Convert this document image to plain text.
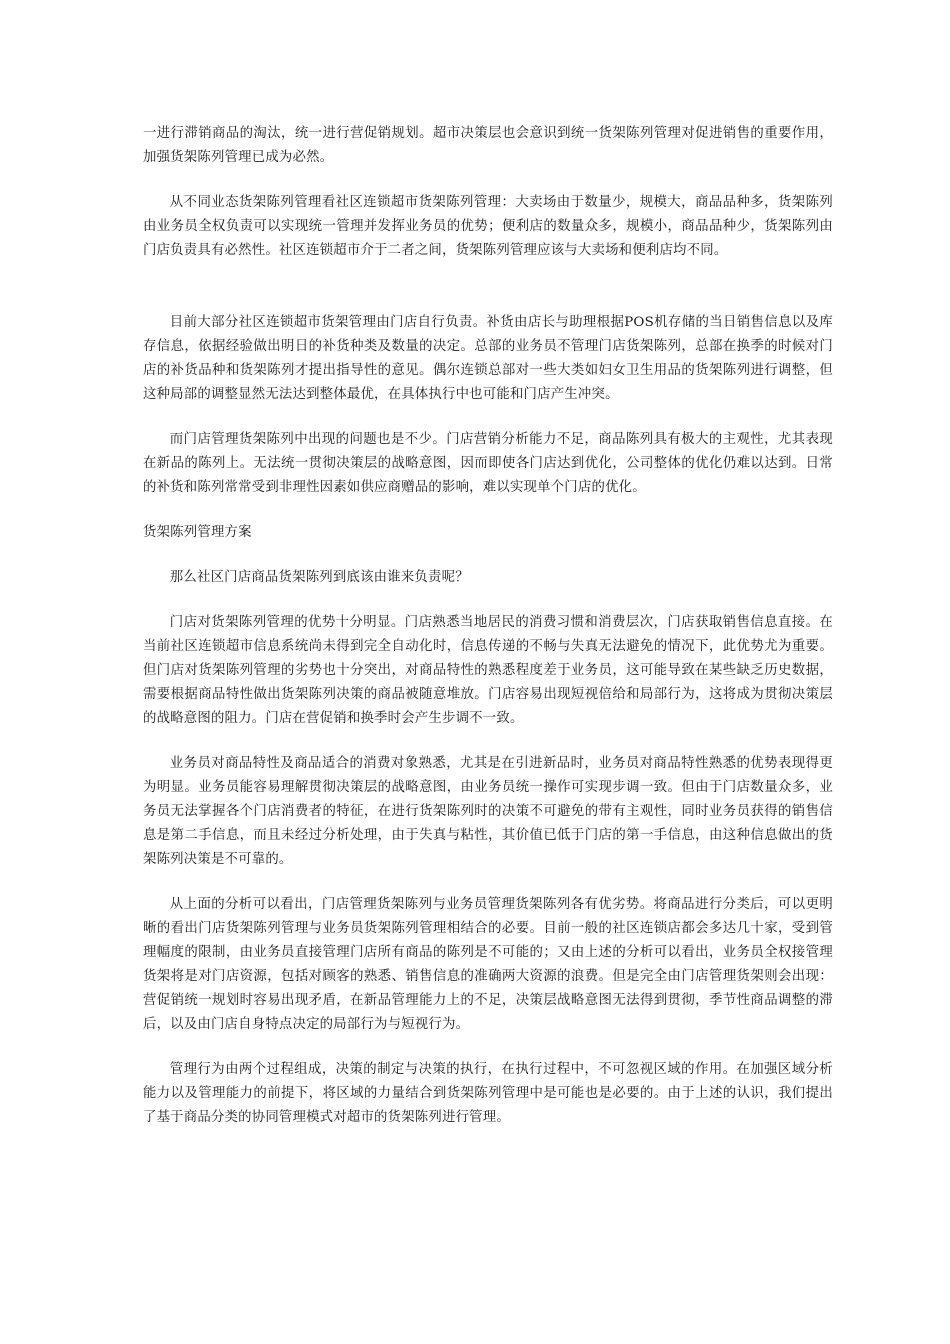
一进行滞销商品的淘汰，统一进行营促销规划。超市决策层也会意识到统一货架陈列管理对促进销售的重要作用，加强货架陈列管理已成为必然。

从不同业态货架陈列管理看社区连锁超市货架陈列管理：大卖场由于数量少，规模大，商品品种多，货架陈列由业务员全权负责可以实现统一管理并发挥业务员的优势；便利店的数量众多，规模小，商品品种少，货架陈列由门店负责具有必然性。社区连锁超市介于二者之间，货架陈列管理应该与大卖场和便利店均不同。

目前大部分社区连锁超市货架管理由门店自行负责。补货由店长与助理根据POS机存储的当日销售信息以及库存信息，依据经验做出明日的补货种类及数量的决定。总部的业务员不管理门店货架陈列，总部在换季的时候对门店的补货品种和货架陈列才提出指导性的意见。偶尔连锁总部对一些大类如妇女卫生用品的货架陈列进行调整，但这种局部的调整显然无法达到整体最优，在具体执行中也可能和门店产生冲突。

而门店管理货架陈列中出现的问题也是不少。门店营销分析能力不足，商品陈列具有极大的主观性，尤其表现在新品的陈列上。无法统一贯彻决策层的战略意图，因而即使各门店达到优化，公司整体的优化仍难以达到。日常的补货和陈列常常受到非理性因素如供应商赠品的影响，难以实现单个门店的优化。

货架陈列管理方案

那么社区门店商品货架陈列到底该由谁来负责呢？

门店对货架陈列管理的优势十分明显。门店熟悉当地居民的消费习惯和消费层次，门店获取销售信息直接。在当前社区连锁超市信息系统尚未得到完全自动化时，信息传递的不畅与失真无法避免的情况下，此优势尤为重要。但门店对货架陈列管理的劣势也十分突出，对商品特性的熟悉程度差于业务员，这可能导致在某些缺乏历史数据，需要根据商品特性做出货架陈列决策的商品被随意堆放。门店容易出现短视倍给和局部行为，这将成为贯彻决策层的战略意图的阻力。门店在营促销和换季时会产生步调不一致。

业务员对商品特性及商品适合的消费对象熟悉，尤其是在引进新品时，业务员对商品特性熟悉的优势表现得更为明显。业务员能容易理解贯彻决策层的战略意图，由业务员统一操作可实现步调一致。但由于门店数量众多，业务员无法掌握各个门店消费者的特征，在进行货架陈列时的决策不可避免的带有主观性，同时业务员获得的销售信息是第二手信息，而且未经过分析处理，由于失真与粘性，其价值已低于门店的第一手信息，由这种信息做出的货架陈列决策是不可靠的。

从上面的分析可以看出，门店管理货架陈列与业务员管理货架陈列各有优劣势。将商品进行分类后，可以更明晰的看出门店货架陈列管理与业务员货架陈列管理相结合的必要。目前一般的社区连锁店都会多达几十家，受到管理幅度的限制，由业务员直接管理门店所有商品的陈列是不可能的；又由上述的分析可以看出，业务员全权接管理货架将是对门店资源，包括对顾客的熟悉、销售信息的准确两大资源的浪费。但是完全由门店管理货架则会出现：营促销统一规划时容易出现矛盾，在新品管理能力上的不足，决策层战略意图无法得到贯彻，季节性商品调整的滞后，以及由门店自身特点决定的局部行为与短视行为。

管理行为由两个过程组成，决策的制定与决策的执行，在执行过程中，不可忽视区域的作用。在加强区域分析能力以及管理能力的前提下，将区域的力量结合到货架陈列管理中是可能也是必要的。由于上述的认识，我们提出了基于商品分类的协同管理模式对超市的货架陈列进行管理。
